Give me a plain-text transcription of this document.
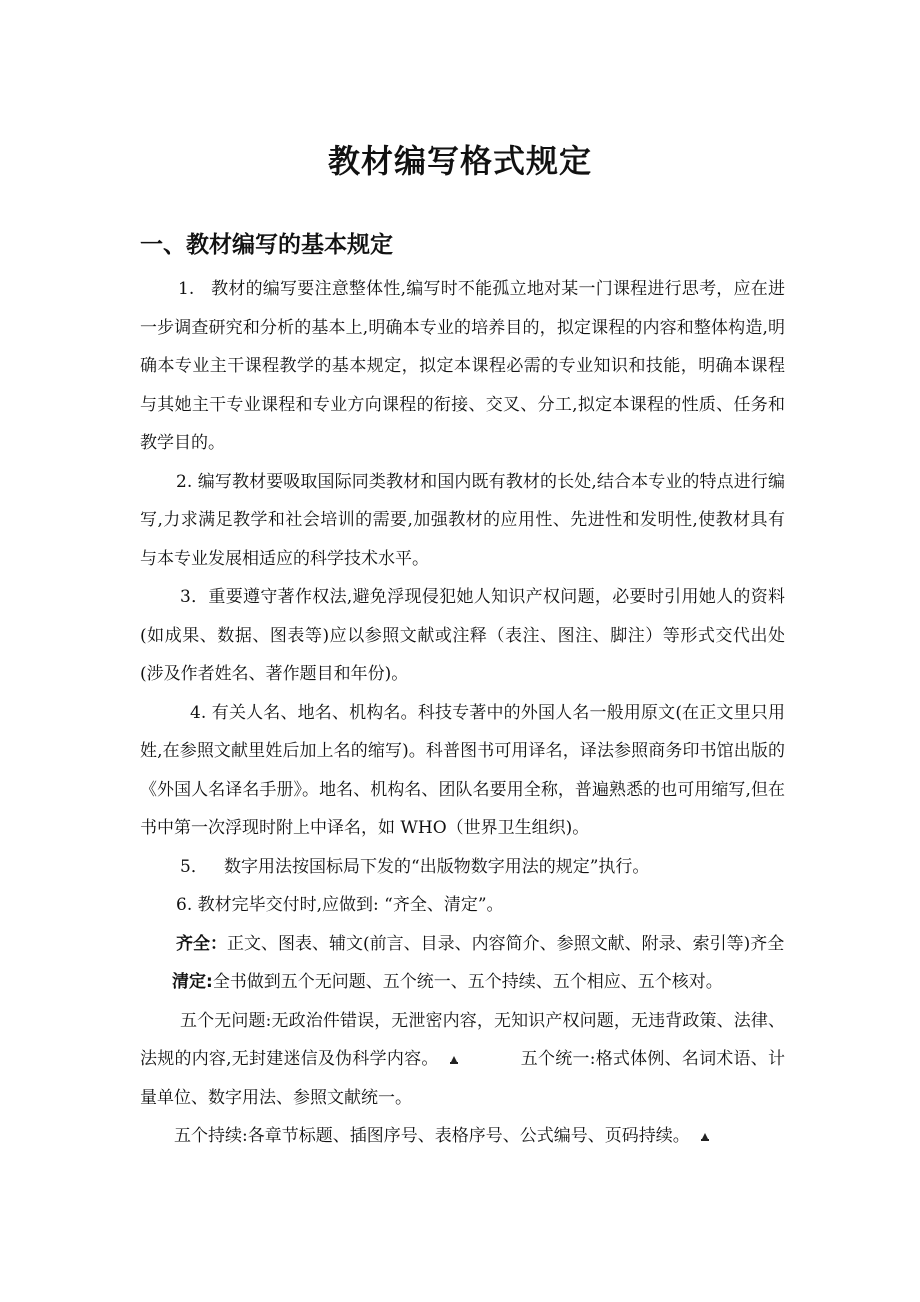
教材编写格式规定
一、教材编写的基本规定

1. 教材的编写要注意整体性,编写时不能孤立地对某一门课程进行思考，应在进一步调查研究和分析的基本上,明确本专业的培养目的，拟定课程的内容和整体构造,明确本专业主干课程教学的基本规定，拟定本课程必需的专业知识和技能，明确本课程与其她主干专业课程和专业方向课程的衔接、交叉、分工,拟定本课程的性质、任务和教学目的。

2. 编写教材要吸取国际同类教材和国内既有教材的长处,结合本专业的特点进行编写,力求满足教学和社会培训的需要,加强教材的应用性、先进性和发明性,使教材具有与本专业发展相适应的科学技术水平。

3．重要遵守著作权法,避免浮现侵犯她人知识产权问题，必要时引用她人的资料(如成果、数据、图表等)应以参照文献或注释（表注、图注、脚注）等形式交代出处(涉及作者姓名、著作题目和年份)。

4. 有关人名、地名、机构名。科技专著中的外国人名一般用原文(在正文里只用姓,在参照文献里姓后加上名的缩写)。科普图书可用译名，译法参照商务印书馆出版的《外国人名译名手册》。地名、机构名、团队名要用全称，普遍熟悉的也可用缩写,但在书中第一次浮现时附上中译名，如 WHO（世界卫生组织)。

5． 数字用法按国标局下发的“出版物数字用法的规定”执行。

6. 教材完毕交付时,应做到: “齐全、清定”。

齐全：正文、图表、辅文(前言、目录、内容简介、参照文献、附录、索引等)齐全

清定:全书做到五个无问题、五个统一、五个持续、五个相应、五个核对。

五个无问题:无政治件错误，无泄密内容，无知识产权问题，无违背政策、法律、法规的内容,无封建迷信及伪科学内容。	五个统一:格式体例、名词术语、计量单位、数字用法、参照文献统一。

五个持续:各章节标题、插图序号、表格序号、公式编号、页码持续。
